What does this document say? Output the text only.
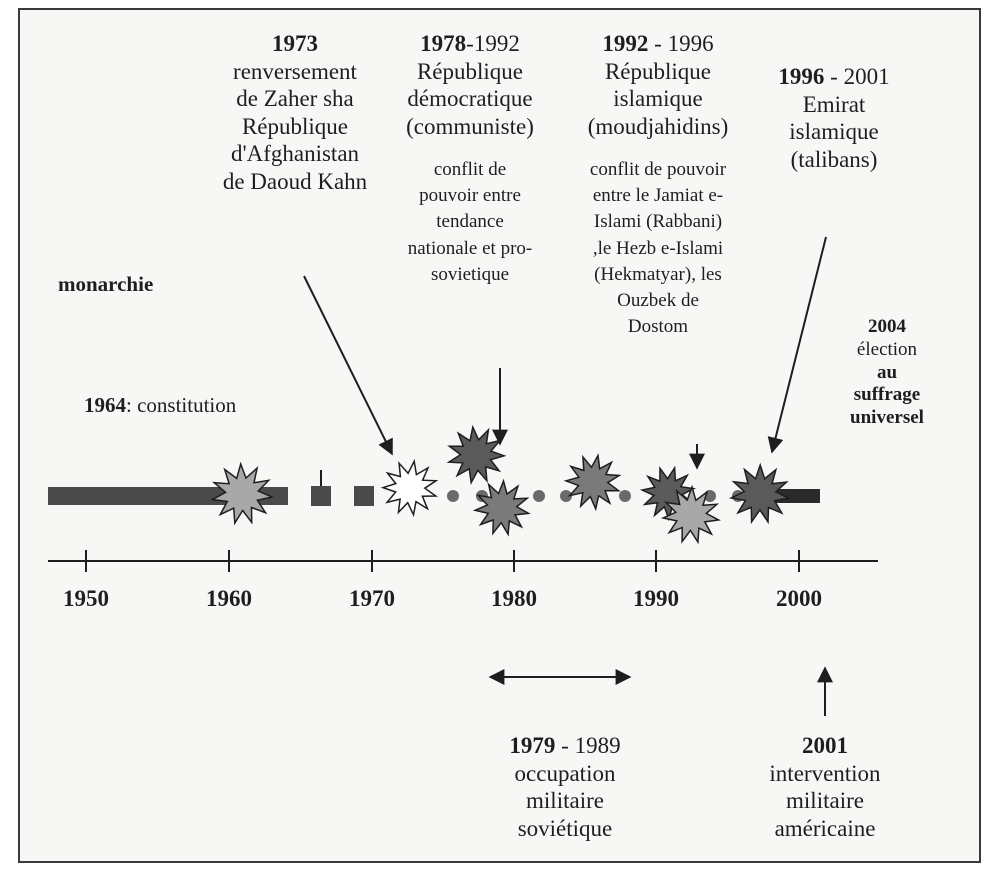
1950	1960	1970	1980	1990	2000
1973
renversement
de Zaher sha
République
d'Afghanistan
de Daoud Kahn
1978-1992
République
démocratique
(communiste)
conflit de
pouvoir entre
tendance
nationale et pro-
sovietique
1992 - 1996
République
islamique
(moudjahidins)
conflit de pouvoir
entre le Jamiat e-
Islami (Rabbani)
,le Hezb e-Islami
(Hekmatyar), les
Ouzbek de
Dostom
1996 - 2001
Emirat
islamique
(talibans)
monarchie
1964: constitution
2004
élection
au
suffrage
universel
1979 - 1989
occupation
militaire
soviétique
2001
intervention
militaire
américaine
